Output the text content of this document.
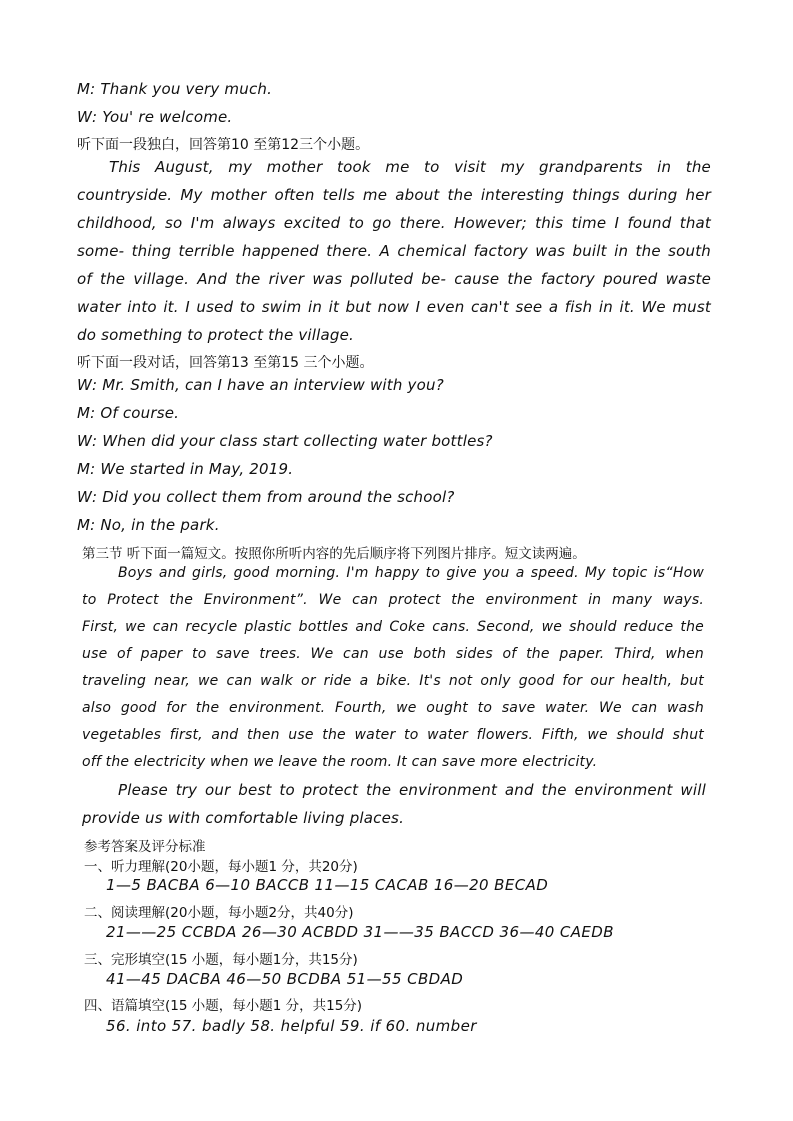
M: Thank you very much.

W: You' re welcome.

听下面一段独白，回答第10 至第12三个小题。

This August, my mother took me to visit my grandparents in the

countryside. My mother often tells me about the interesting things during her

childhood, so I'm always excited to go there. However; this time I found that

some- thing terrible happened there. A chemical factory was built in the south

of the village. And the river was polluted be- cause the factory poured waste

water into it. I used to swim in it but now I even can't see a fish in it. We must

do something to protect the village.

听下面一段对话，回答第13 至第15 三个小题。

W: Mr. Smith, can I have an interview with you?

M: Of course.

W: When did your class start collecting water bottles?

M: We started in May, 2019.

W: Did you collect them from around the school?

M: No, in the park.

第三节 听下面一篇短文。按照你所听内容的先后顺序将下列图片排序。短文读两遍。

Boys and girls, good morning. I'm happy to give you a speed. My topic is“How

to Protect the Environment”. We can protect the environment in many ways.

First, we can recycle plastic bottles and Coke cans. Second, we should reduce the

use of paper to save trees. We can use both sides of the paper. Third, when

traveling near, we can walk or ride a bike. It's not only good for our health, but

also good for the environment. Fourth, we ought to save water. We can wash

vegetables first, and then use the water to water flowers. Fifth, we should shut

off the electricity when we leave the room. It can save more electricity.

Please try our best to protect the environment and the environment will

provide us with comfortable living places.

参考答案及评分标准

一、听力理解(20小题，每小题1 分，共20分)

1—5 BACBA 6—10 BACCB 11—15 CACAB 16—20 BECAD

二、阅读理解(20小题，每小题2分，共40分)

21——25 CCBDA 26—30 ACBDD 31——35 BACCD 36—40 CAEDB

三、完形填空(15 小题，每小题1分，共15分)

41—45 DACBA 46—50 BCDBA 51—55 CBDAD

四、语篇填空(15 小题，每小题1 分，共15分)

56. into 57. badly 58. helpful 59. if 60. number
